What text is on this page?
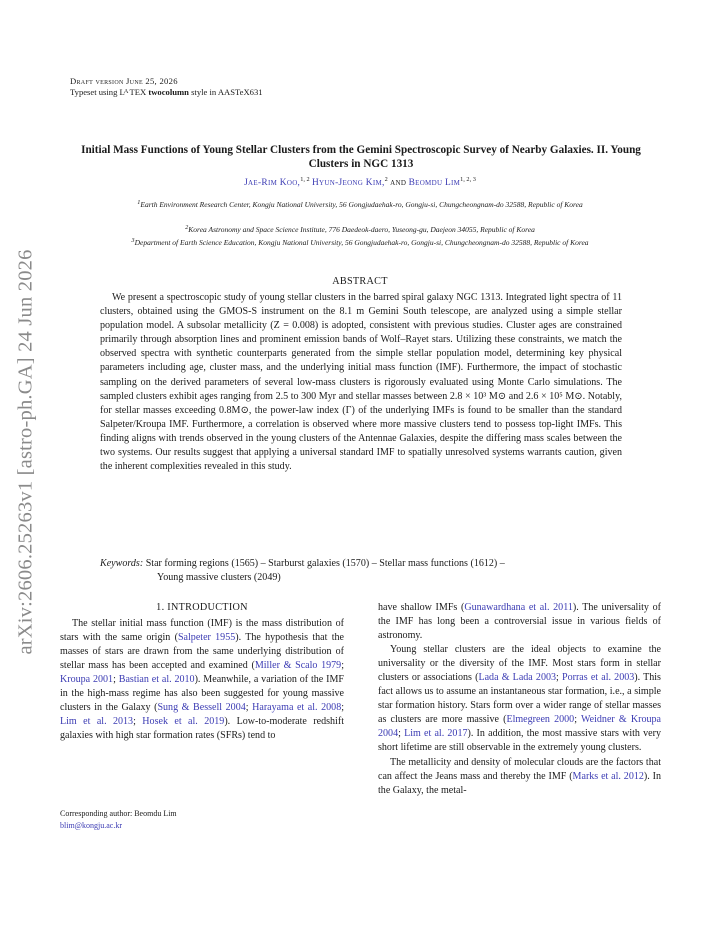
arXiv:2606.25263v1 [astro-ph.GA] 24 Jun 2026
Draft version June 25, 2026
Typeset using $L^ATEX$ twocolumn style in AASTeX631
Initial Mass Functions of Young Stellar Clusters from the Gemini Spectroscopic Survey of Nearby Galaxies. II. Young Clusters in NGC 1313
Jae-Rim Koo,$^{1, 2}$ Hyun-Jeong Kim,$^2$ and Beomdu Lim$^{1, 2, 3}$
$^1$Earth Environment Research Center, Kongju National University, 56 Gongjudaehak-ro, Gongju-si, Chungcheongnam-do 32588, Republic of Korea
$^2$Korea Astronomy and Space Science Institute, 776 Daedeok-daero, Yuseong-gu, Daejeon 34055, Republic of Korea
$^3$Department of Earth Science Education, Kongju National University, 56 Gongjudaehak-ro, Gongju-si, Chungcheongnam-do 32588, Republic of Korea
ABSTRACT
We present a spectroscopic study of young stellar clusters in the barred spiral galaxy NGC 1313. Integrated light spectra of 11 clusters, obtained using the GMOS-S instrument on the 8.1 m Gemini South telescope, are analyzed using a simple stellar population model. A subsolar metallicity (Z = 0.008) is adopted, consistent with previous studies. Cluster ages are constrained primarily through absorption lines and prominent emission bands of Wolf–Rayet stars. Utilizing these constraints, we match the observed spectra with synthetic counterparts generated from the simple stellar population model, determining key physical parameters including age, cluster mass, and the underlying initial mass function (IMF). Furthermore, the impact of stochastic sampling on the derived parameters of several low-mass clusters is rigorously evaluated using Monte Carlo simulations. The sampled clusters exhibit ages ranging from 2.5 to 300 Myr and stellar masses between 2.8 × 10³ M⊙ and 2.6 × 10⁵ M⊙. Notably, for stellar masses exceeding 0.8M⊙, the power-law index (Γ) of the underlying IMFs is found to be smaller than the standard Salpeter/Kroupa IMF. Furthermore, a correlation is observed where more massive clusters tend to possess top-light IMFs. This finding aligns with trends observed in the young clusters of the Antennae Galaxies, despite the differing mass scales between the two systems. Our results suggest that applying a universal standard IMF to spatially unresolved systems warrants caution, given the inherent complexities revealed in this study.
Keywords: Star forming regions (1565) – Starburst galaxies (1570) – Stellar mass functions (1612) –
Young massive clusters (2049)
1. INTRODUCTION

The stellar initial mass function (IMF) is the mass distribution of stars with the same origin (Salpeter 1955). The hypothesis that the masses of stars are drawn from the same underlying distribution of stellar mass has been accepted and examined (Miller & Scalo 1979; Kroupa 2001; Bastian et al. 2010). Meanwhile, a variation of the IMF in the high-mass regime has also been suggested for young massive clusters in the Galaxy (Sung & Bessell 2004; Harayama et al. 2008; Lim et al. 2013; Hosek et al. 2019). Low-to-moderate redshift galaxies with high star formation rates (SFRs) tend to

Corresponding author: Beomdu Lim
blim@kongju.ac.kr

have shallow IMFs (Gunawardhana et al. 2011). The universality of the IMF has long been a controversial issue in various fields of astronomy.

Young stellar clusters are the ideal objects to examine the universality or the diversity of the IMF. Most stars form in stellar clusters or associations (Lada & Lada 2003; Porras et al. 2003). This fact allows us to assume an instantaneous star formation, i.e., a simple star formation history. Stars form over a wider range of stellar masses as clusters are more massive (Elmegreen 2000; Weidner & Kroupa 2004; Lim et al. 2017). In addition, the most massive stars with very short lifetime are still observable in the extremely young clusters.

The metallicity and density of molecular clouds are the factors that can affect the Jeans mass and thereby the IMF (Marks et al. 2012). In the Galaxy, the metal-
